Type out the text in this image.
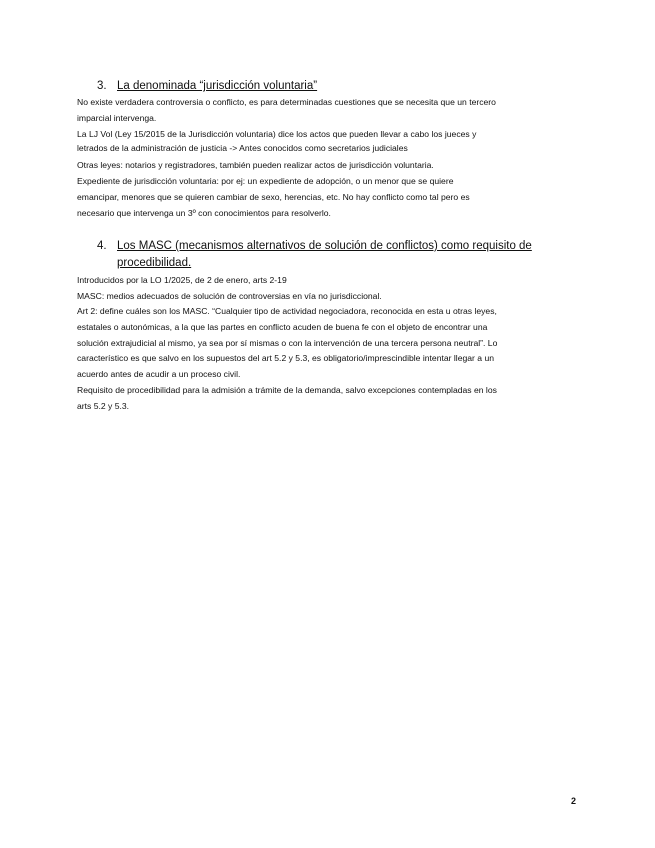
3. La denominada “jurisdicción voluntaria”
No existe verdadera controversia o conflicto, es para determinadas cuestiones que se necesita que un tercero
imparcial intervenga.
La LJ Vol (Ley 15/2015 de la Jurisdicción voluntaria) dice los actos que pueden llevar a cabo los jueces y
letrados de la administración de justicia -> Antes conocidos como secretarios judiciales
Otras leyes: notarios y registradores, también pueden realizar actos de jurisdicción voluntaria.
Expediente de jurisdicción voluntaria: por ej: un expediente de adopción, o un menor que se quiere
emancipar, menores que se quieren cambiar de sexo, herencias, etc. No hay conflicto como tal pero es
necesario que intervenga un 3º con conocimientos para resolverlo.
4. Los MASC (mecanismos alternativos de solución de conflictos) como requisito de
procedibilidad.
Introducidos por la LO 1/2025, de 2 de enero, arts 2-19
MASC: medios adecuados de solución de controversias en vía no jurisdiccional.
Art 2: define cuáles son los MASC. “Cualquier tipo de actividad negociadora, reconocida en esta u otras leyes,
estatales o autonómicas, a la que las partes en conflicto acuden de buena fe con el objeto de encontrar una
solución extrajudicial al mismo, ya sea por sí mismas o con la intervención de una tercera persona neutral”. Lo
característico es que salvo en los supuestos del art 5.2 y 5.3, es obligatorio/imprescindible intentar llegar a un
acuerdo antes de acudir a un proceso civil.
Requisito de procedibilidad para la admisión a trámite de la demanda, salvo excepciones contempladas en los
arts 5.2 y 5.3.
2
